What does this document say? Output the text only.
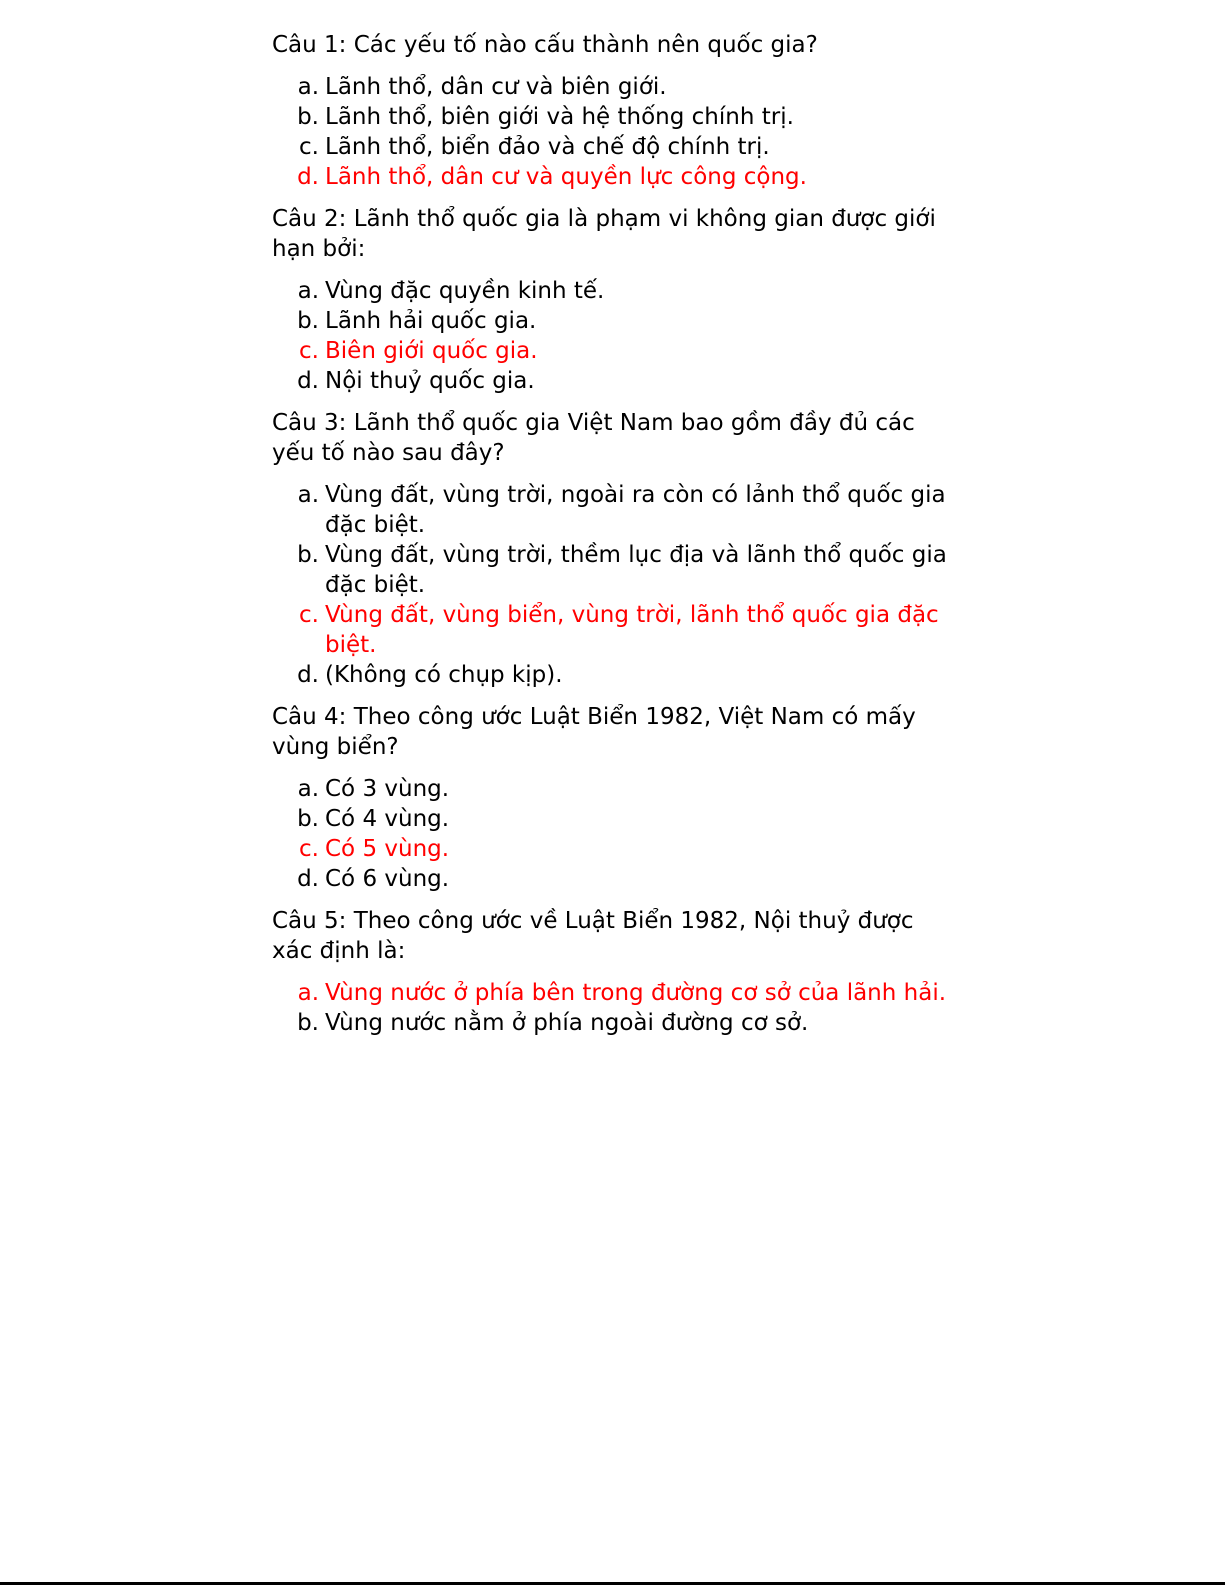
Câu 1: Các yếu tố nào cấu thành nên quốc gia?

a. Lãnh thổ, dân cư và biên giới.
b. Lãnh thổ, biên giới và hệ thống chính trị.
c. Lãnh thổ, biển đảo và chế độ chính trị.
d. Lãnh thổ, dân cư và quyền lực công cộng.

Câu 2: Lãnh thổ quốc gia là phạm vi không gian được giới hạn bởi:

a. Vùng đặc quyền kinh tế.
b. Lãnh hải quốc gia.
c. Biên giới quốc gia.
d. Nội thuỷ quốc gia.

Câu 3: Lãnh thổ quốc gia Việt Nam bao gồm đầy đủ các yếu tố nào sau đây?

a. Vùng đất, vùng trời, ngoài ra còn có lảnh thổ quốc gia đặc biệt.
b. Vùng đất, vùng trời, thềm lục địa và lãnh thổ quốc gia đặc biệt.
c. Vùng đất, vùng biển, vùng trời, lãnh thổ quốc gia đặc biệt.
d. (Không có chụp kịp).

Câu 4: Theo công ước Luật Biển 1982, Việt Nam có mấy vùng biển?

a. Có 3 vùng.
b. Có 4 vùng.
c. Có 5 vùng.
d. Có 6 vùng.

Câu 5: Theo công ước về Luật Biển 1982, Nội thuỷ được xác định là:

a. Vùng nước ở phía bên trong đường cơ sở của lãnh hải.
b. Vùng nước nằm ở phía ngoài đường cơ sở.
